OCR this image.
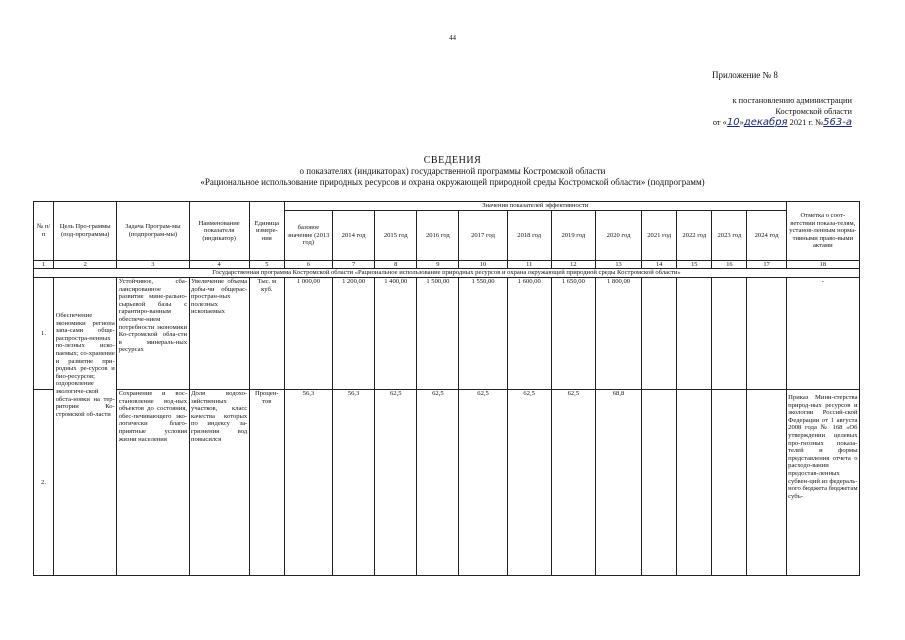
44
Приложение № 8
к постановлению администрации
Костромской области
от «10»декабря 2021 г. №563-а
СВЕДЕНИЯ
о показателях (индикаторах) государственной программы Костромской области
«Рациональное использование природных ресурсов и охрана окружающей природной среды Костромской области» (подпрограмм)
№ п/п	Цель Про-граммы (под-программы)	Задача Програм-мы (подпрограм-мы)	Наименование показателя (индикатор)	Единица измере-ния	Значения показателей эффективности												Отметка о соот-ветствии показа-телям, установ-ленным норма-тивными право-выми актами
					базовое значение (2013 год)	2014 год	2015 год	2016 год	2017 год	2018 год	2019 год	2020 год	2021 год	2022 год	2023 год	2024 год	
1	2	3	4	5	6	7	8	9	10	11	12	13	14	15	16	17	18
Государственная программа Костромской области «Рациональное использование природных ресурсов и охрана окружающей природной среды Костромской области»																	
1.	Обеспечение экономики региона запа-сами обще-распростра-ненных по-лезных иско-паемых; со-хранение и развитие при-родных ре-сурсов и био-ресурсов; оздоровление экологиче-ской обста-новки на тер-ритории Ко-стромской об-ласти	Устойчивое, сба-лансированное развитие мине-рально-сырьевой базы с гарантиро-ванным обеспече-нием потребности экономики Ко-стромской обла-сти в минераль-ных ресурсах	Увеличение объема добы-чи общерас-простран-ных полезных ископаемых	Тыс. м куб.	1 000,00	1 200,00	1 400,00	1 500,00	1 550,00	1 600,00	1 650,00	1 800,00					-
2.		Сохранение и вос-становление вод-ных объектов до состояния, обес-печивающего эко-логически благо-приятные условия жизни населения	Доля водохо-зяйственных участков, класс качества которых по индексу за-грязнения вод повысился	Процен-тов	56,3	56,3	62,5	62,5	62,5	62,5	62,5	68,8					Приказ Мини-стерства природ-ных ресурсов и экологии Россий-ской Федерации от 1 августа 2008 года № 168 «Об утверждении целевых про-гнозных показа-телей и формы представления отчета о расходо-вании предостав-ленных субвен-ций из федераль-ного бюджета бюджетам субъ-
